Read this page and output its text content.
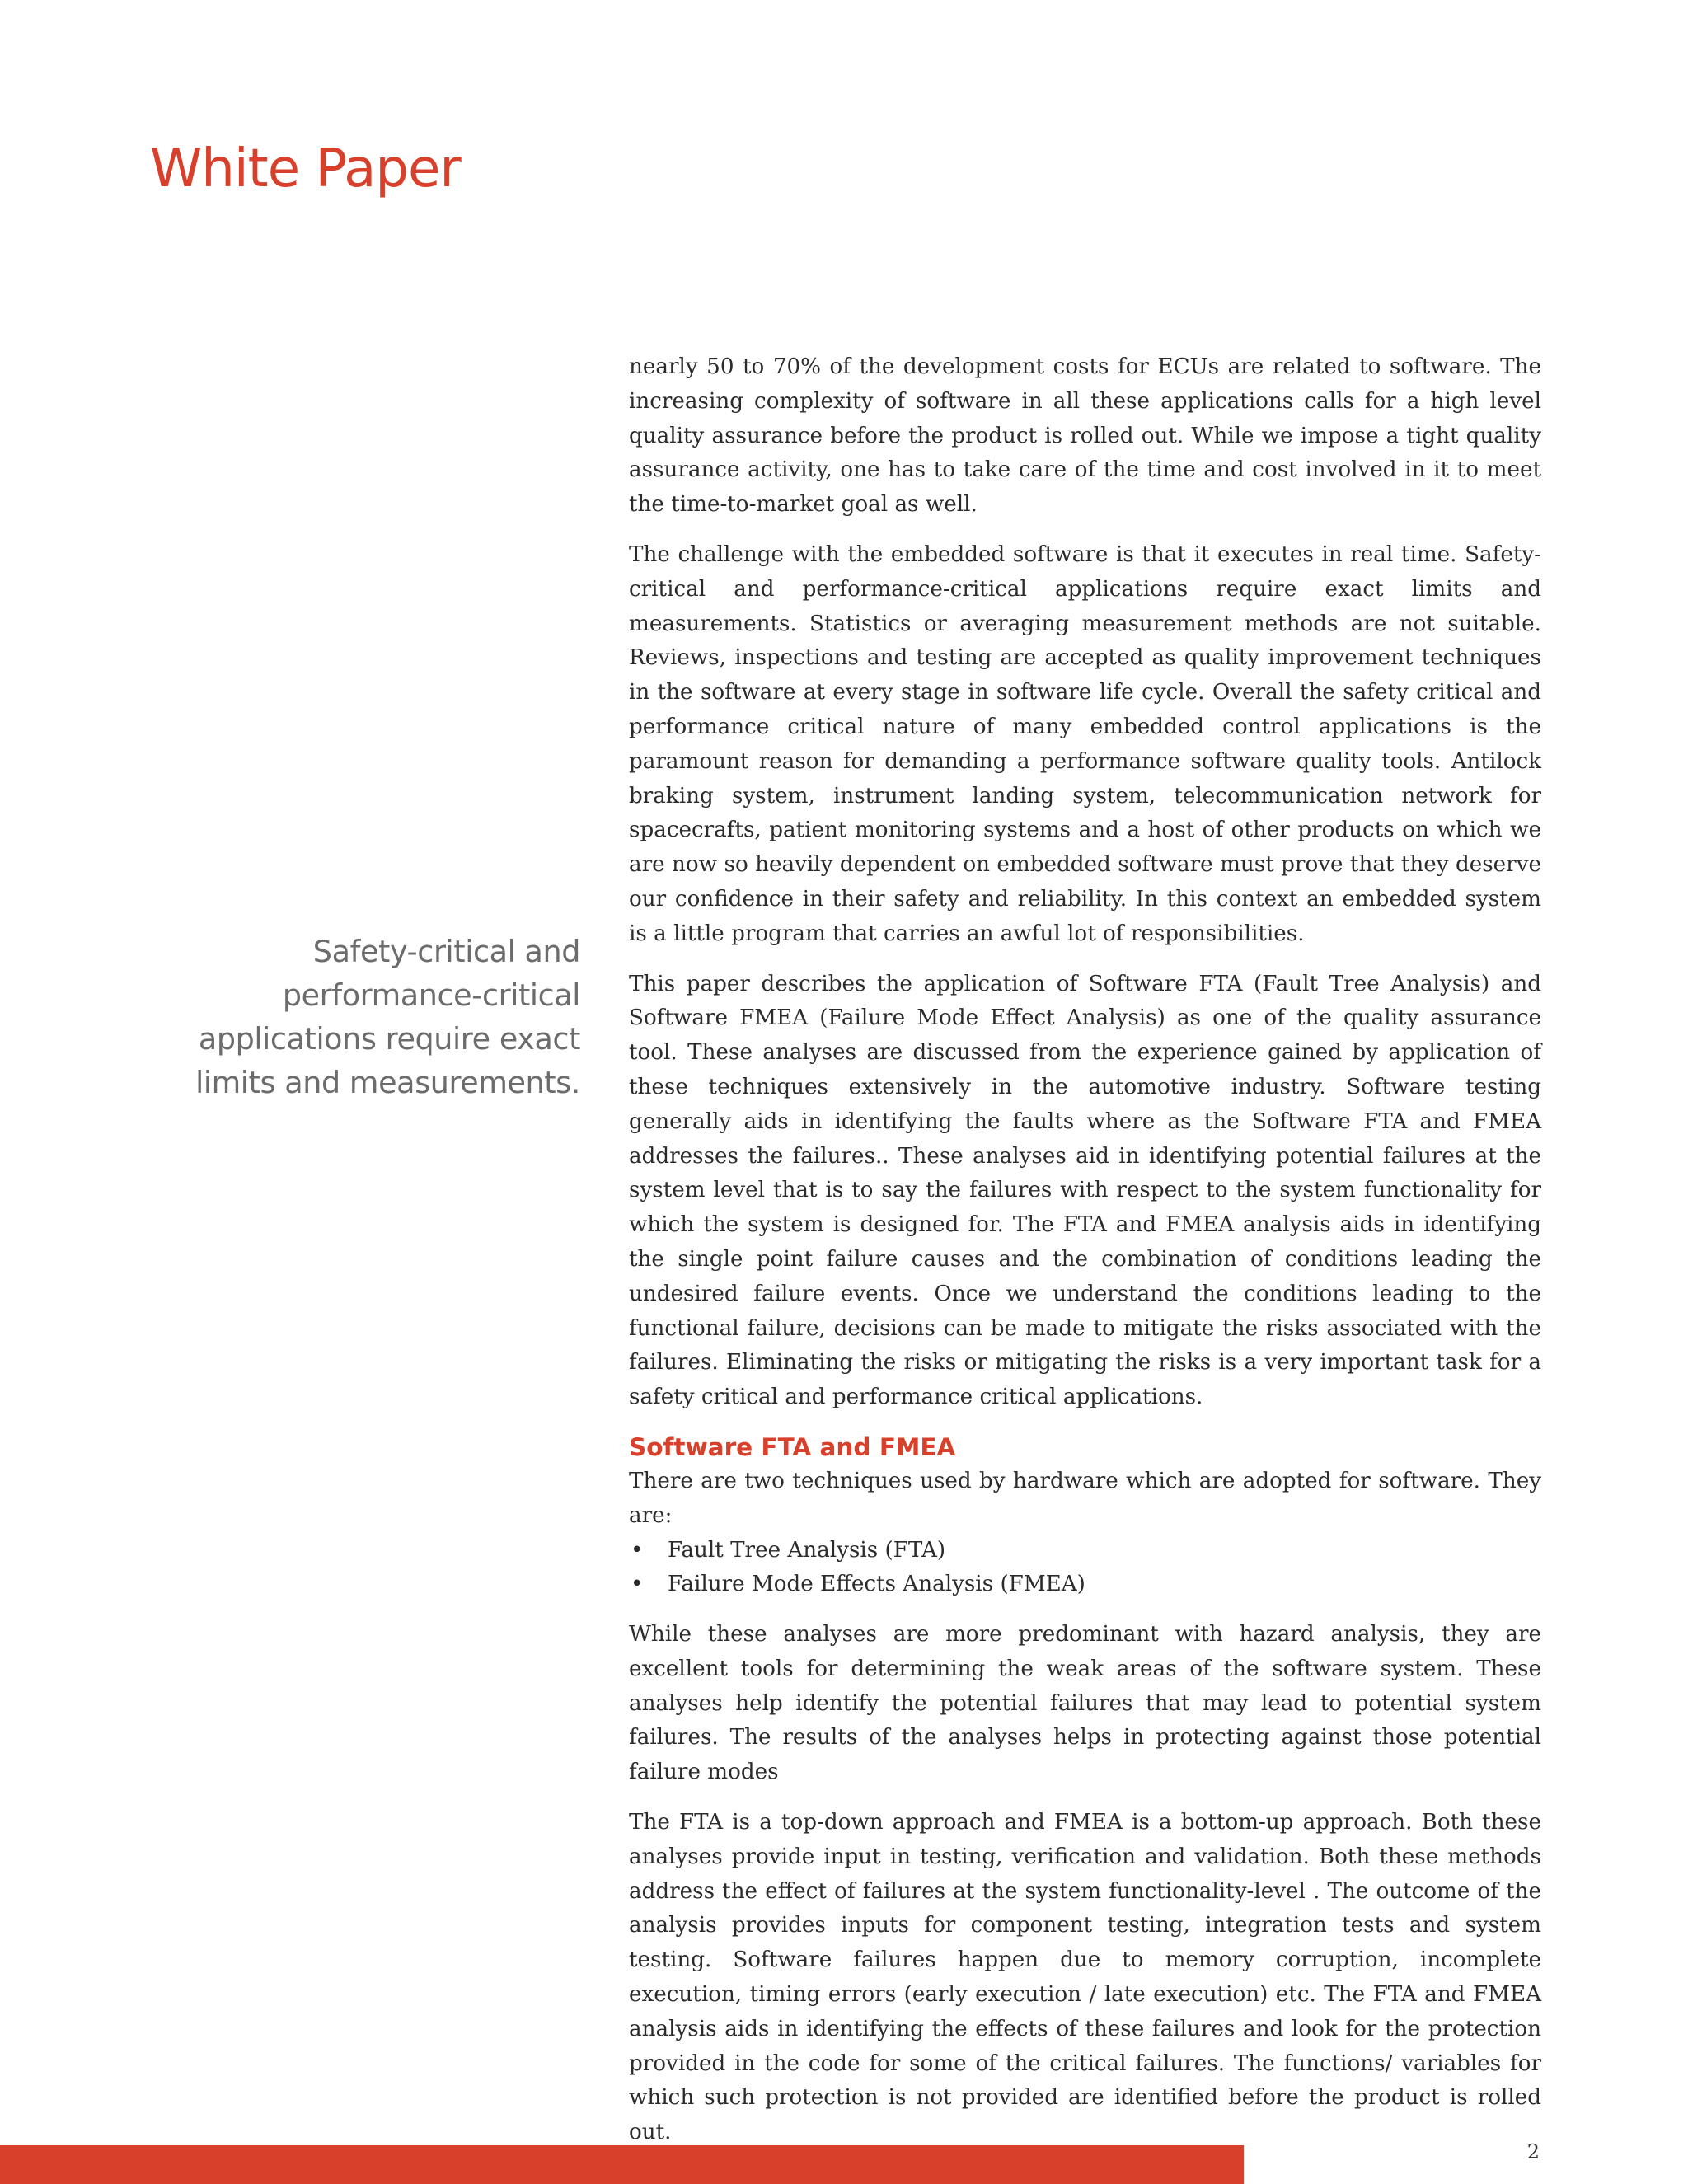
White Paper

Safety-critical and performance-critical applications require exact limits and measurements.

nearly 50 to 70% of the development costs for ECUs are related to software. The increasing complexity of software in all these applications calls for a high level quality assurance before the product is rolled out. While we impose a tight quality assurance activity, one has to take care of the time and cost involved in it to meet the time-to-market goal as well.

The challenge with the embedded software is that it executes in real time. Safety-critical and performance-critical applications require exact limits and measurements. Statistics or averaging measurement methods are not suitable. Reviews, inspections and testing are accepted as quality improvement techniques in the software at every stage in software life cycle. Overall the safety critical and performance critical nature of many embedded control applications is the paramount reason for demanding a performance software quality tools. Antilock braking system, instrument landing system, telecommunication network for spacecrafts, patient monitoring systems and a host of other products on which we are now so heavily dependent on embedded software must prove that they deserve our confidence in their safety and reliability. In this context an embedded system is a little program that carries an awful lot of responsibilities.

This paper describes the application of Software FTA (Fault Tree Analysis) and Software FMEA (Failure Mode Effect Analysis) as one of the quality assurance tool. These analyses are discussed from the experience gained by application of these techniques extensively in the automotive industry. Software testing generally aids in identifying the faults where as the Software FTA and FMEA addresses the failures.. These analyses aid in identifying potential failures at the system level that is to say the failures with respect to the system functionality for which the system is designed for. The FTA and FMEA analysis aids in identifying the single point failure causes and the combination of conditions leading the undesired failure events. Once we understand the conditions leading to the functional failure, decisions can be made to mitigate the risks associated with the failures. Eliminating the risks or mitigating the risks is a very important task for a safety critical and performance critical applications.

Software FTA and FMEA

There are two techniques used by hardware which are adopted for software. They are:

• Fault Tree Analysis (FTA)
• Failure Mode Effects Analysis (FMEA)

While these analyses are more predominant with hazard analysis, they are excellent tools for determining the weak areas of the software system. These analyses help identify the potential failures that may lead to potential system failures. The results of the analyses helps in protecting against those potential failure modes

The FTA is a top-down approach and FMEA is a bottom-up approach. Both these analyses provide input in testing, verification and validation. Both these methods address the effect of failures at the system functionality-level . The outcome of the analysis provides inputs for component testing, integration tests and system testing. Software failures happen due to memory corruption, incomplete execution, timing errors (early execution / late execution) etc. The FTA and FMEA analysis aids in identifying the effects of these failures and look for the protection provided in the code for some of the critical failures. The functions/ variables for which such protection is not provided are identified before the product is rolled out.

2
